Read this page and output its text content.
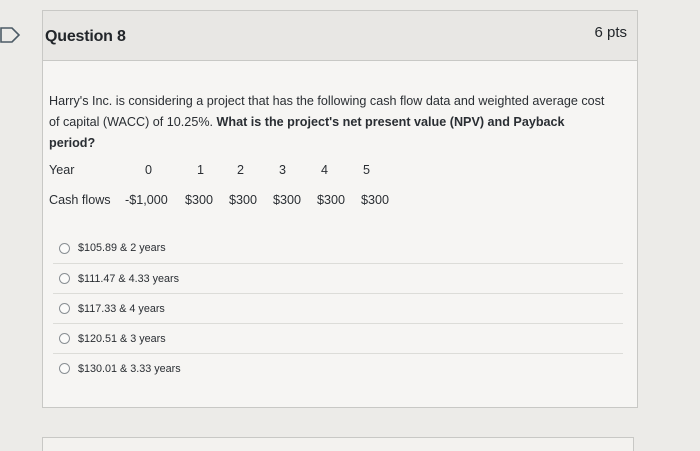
Question 8	6 pts
Harry's Inc. is considering a project that has the following cash flow data and weighted average cost of capital (WACC) of 10.25%. What is the project's net present value (NPV) and Payback period?
Year	0	1	2	3	4	5
Cash flows -$1,000 $300 $300 $300 $300 $300
$105.89 & 2 years
$111.47 & 4.33 years
$117.33 & 4 years
$120.51 & 3 years
$130.01 & 3.33 years
